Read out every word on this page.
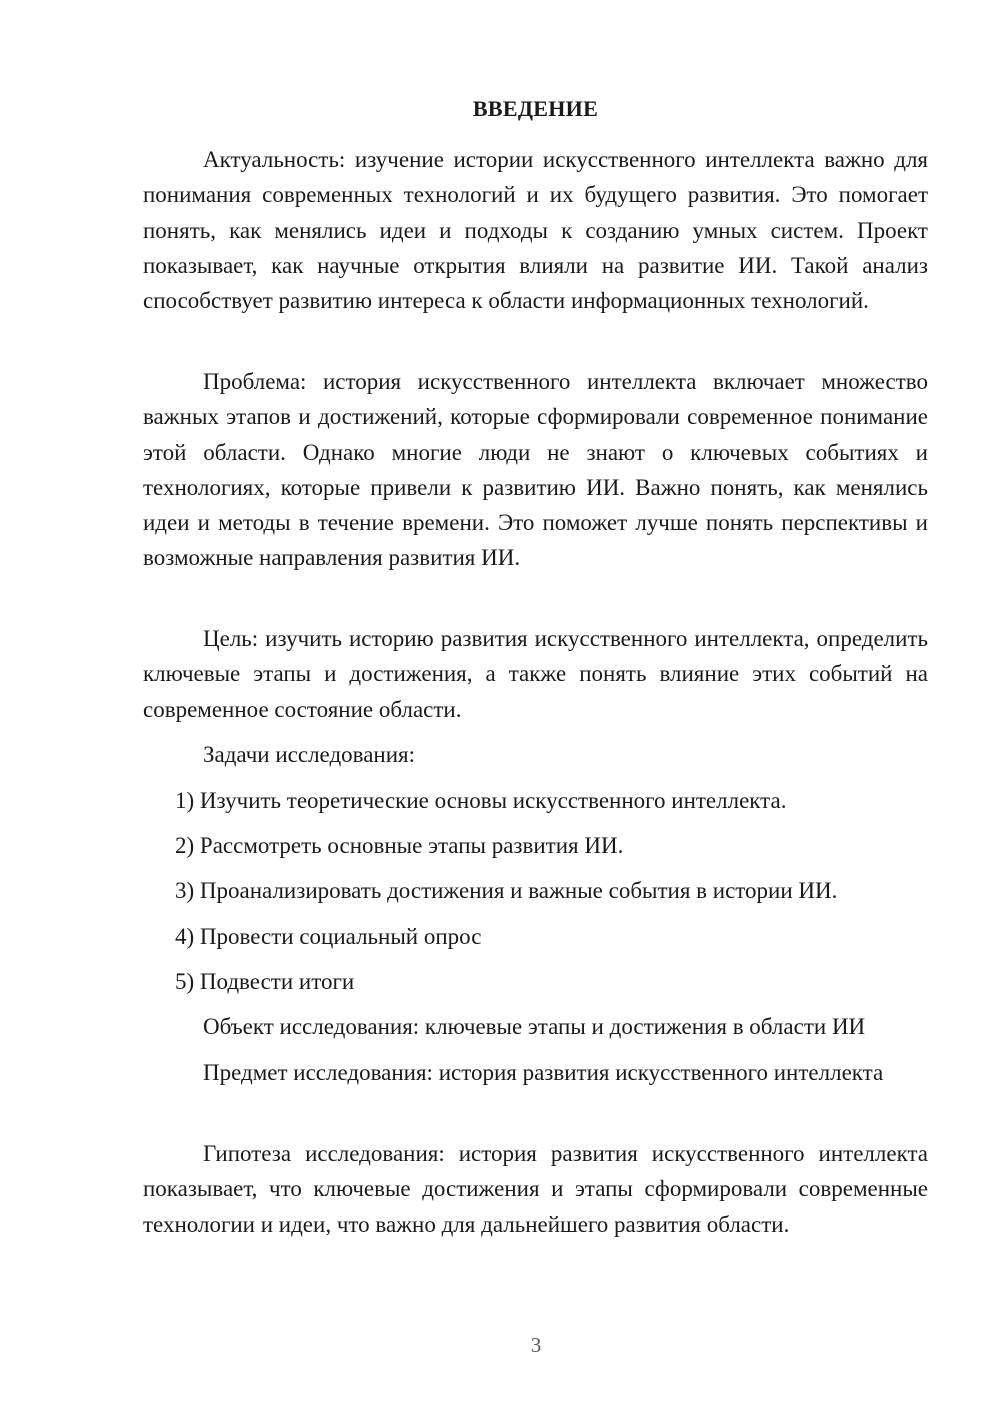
ВВЕДЕНИЕ

Актуальность: изучение истории искусственного интеллекта важно для понимания современных технологий и их будущего развития. Это помогает понять, как менялись идеи и подходы к созданию умных систем. Проект показывает, как научные открытия влияли на развитие ИИ. Такой анализ способствует развитию интереса к области информационных технологий.

Проблема: история искусственного интеллекта включает множество важных этапов и достижений, которые сформировали современное понимание этой области. Однако многие люди не знают о ключевых событиях и технологиях, которые привели к развитию ИИ. Важно понять, как менялись идеи и методы в течение времени. Это поможет лучше понять перспективы и возможные направления развития ИИ.

Цель: изучить историю развития искусственного интеллекта, определить ключевые этапы и достижения, а также понять влияние этих событий на современное состояние области.

Задачи исследования:

1) Изучить теоретические основы искусственного интеллекта.

2) Рассмотреть основные этапы развития ИИ.

3) Проанализировать достижения и важные события в истории ИИ.

4) Провести социальный опрос

5) Подвести итоги

Объект исследования: ключевые этапы и достижения в области ИИ

Предмет исследования: история развития искусственного интеллекта

Гипотеза исследования: история развития искусственного интеллекта показывает, что ключевые достижения и этапы сформировали современные технологии и идеи, что важно для дальнейшего развития области.

3
